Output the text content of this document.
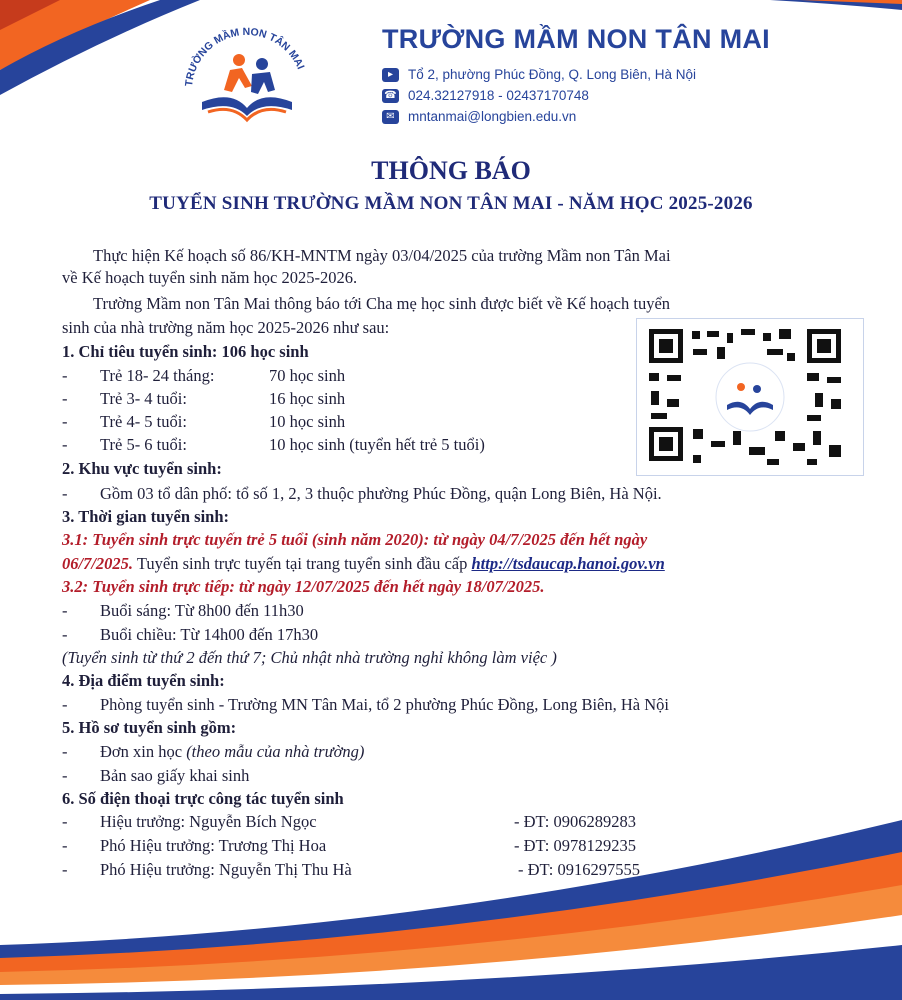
TRƯỜNG MẦM NON TÂN MAI
TRƯỜNG MẦM NON TÂN MAI
▸	Tổ 2, phường Phúc Đồng, Q. Long Biên, Hà Nội
☎ 024.32127918 - 02437170748
✉ mntanmai@longbien.edu.vn
THÔNG BÁO
TUYỂN SINH TRƯỜNG MẦM NON TÂN MAI - NĂM HỌC 2025-2026
Thực hiện Kế hoạch số 86/KH-MNTM ngày 03/04/2025 của trường Mầm non Tân Mai
về Kế hoạch tuyển sinh năm học 2025-2026.
Trường Mầm non Tân Mai thông báo tới Cha mẹ học sinh được biết về Kế hoạch tuyển
sinh của nhà trường năm học 2025-2026 như sau:
1. Chỉ tiêu tuyển sinh: 106 học sinh
- Trẻ 18- 24 tháng:	70 học sinh
- Trẻ 3- 4 tuổi:	16 học sinh
- Trẻ 4- 5 tuổi:	10 học sinh
- Trẻ 5- 6 tuổi:	10 học sinh (tuyển hết trẻ 5 tuổi)
2. Khu vực tuyển sinh:
- Gồm 03 tổ dân phố: tổ số 1, 2, 3 thuộc phường Phúc Đồng, quận Long Biên, Hà Nội.
3. Thời gian tuyển sinh:
3.1: Tuyển sinh trực tuyến trẻ 5 tuổi (sinh năm 2020): từ ngày 04/7/2025 đến hết ngày
06/7/2025. Tuyển sinh trực tuyến tại trang tuyển sinh đầu cấp http://tsdaucap.hanoi.gov.vn
3.2: Tuyển sinh trực tiếp: từ ngày 12/07/2025 đến hết ngày 18/07/2025.
- Buổi sáng: Từ 8h00 đến 11h30
- Buổi chiều: Từ 14h00 đến 17h30
(Tuyển sinh từ thứ 2 đến thứ 7; Chủ nhật nhà trường nghỉ không làm việc )
4. Địa điểm tuyển sinh:
- Phòng tuyển sinh - Trường MN Tân Mai, tổ 2 phường Phúc Đồng, Long Biên, Hà Nội
5. Hồ sơ tuyển sinh gồm:
- Đơn xin học (theo mẫu của nhà trường)
- Bản sao giấy khai sinh
6. Số điện thoại trực công tác tuyển sinh
- Hiệu trưởng: Nguyễn Bích Ngọc	- ĐT: 0906289283
- Phó Hiệu trưởng: Trương Thị Hoa	- ĐT: 0978129235
- Phó Hiệu trưởng: Nguyễn Thị Thu Hà	- ĐT: 0916297555
